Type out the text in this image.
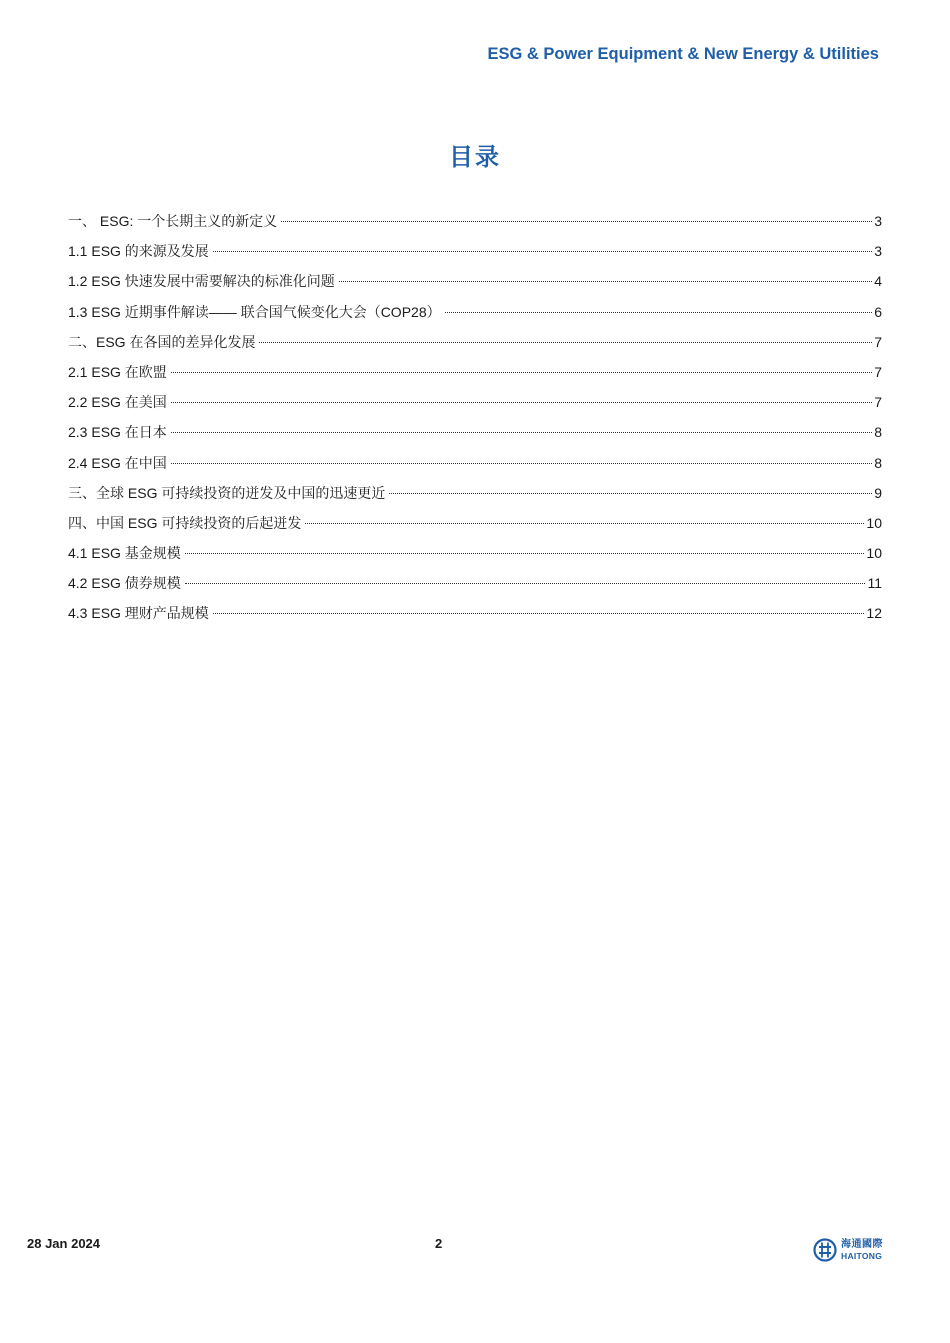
ESG & Power Equipment & New Energy & Utilities
目录
一、 ESG: 一个长期主义的新定义	3
1.1 ESG 的来源及发展	3
1.2 ESG 快速发展中需要解决的标准化问题	4
1.3 ESG 近期事件解读—— 联合国气候变化大会（COP28）	6
二、ESG 在各国的差异化发展	7
2.1 ESG 在欧盟	7
2.2 ESG 在美国	7
2.3 ESG 在日本	8
2.4 ESG 在中国	8
三、全球 ESG 可持续投资的迸发及中国的迅速更近	9
四、中国 ESG 可持续投资的后起迸发	10
4.1 ESG 基金规模	10
4.2 ESG 债券规模	11
4.3 ESG 理财产品规模	12
28 Jan 2024	2	海通國際
HAITONG
